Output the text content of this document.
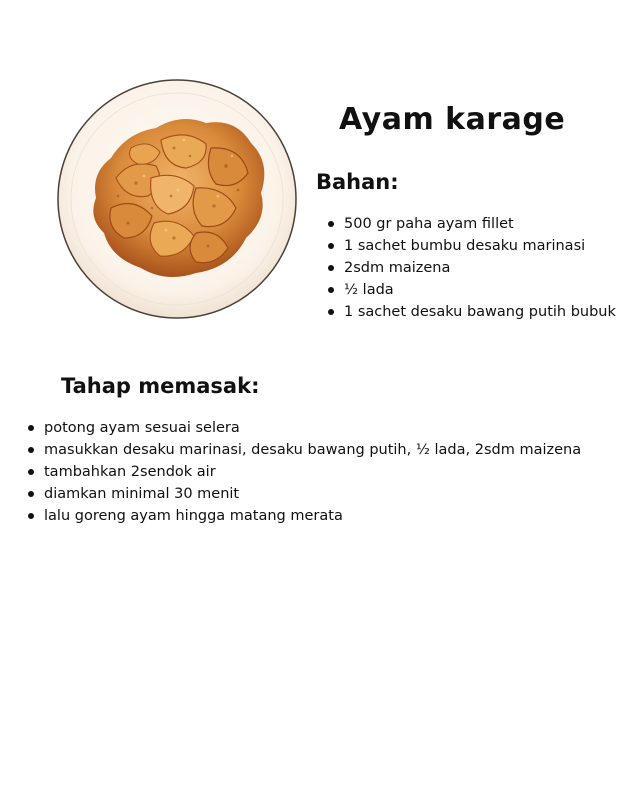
Ayam karage
Bahan:
500 gr paha ayam fillet
1 sachet bumbu desaku marinasi
2sdm maizena
½ lada
1 sachet desaku bawang putih bubuk
Tahap memasak:
potong ayam sesuai selera
masukkan desaku marinasi, desaku bawang putih, ½ lada, 2sdm maizena
tambahkan 2sendok air
diamkan minimal 30 menit
lalu goreng ayam hingga matang merata
